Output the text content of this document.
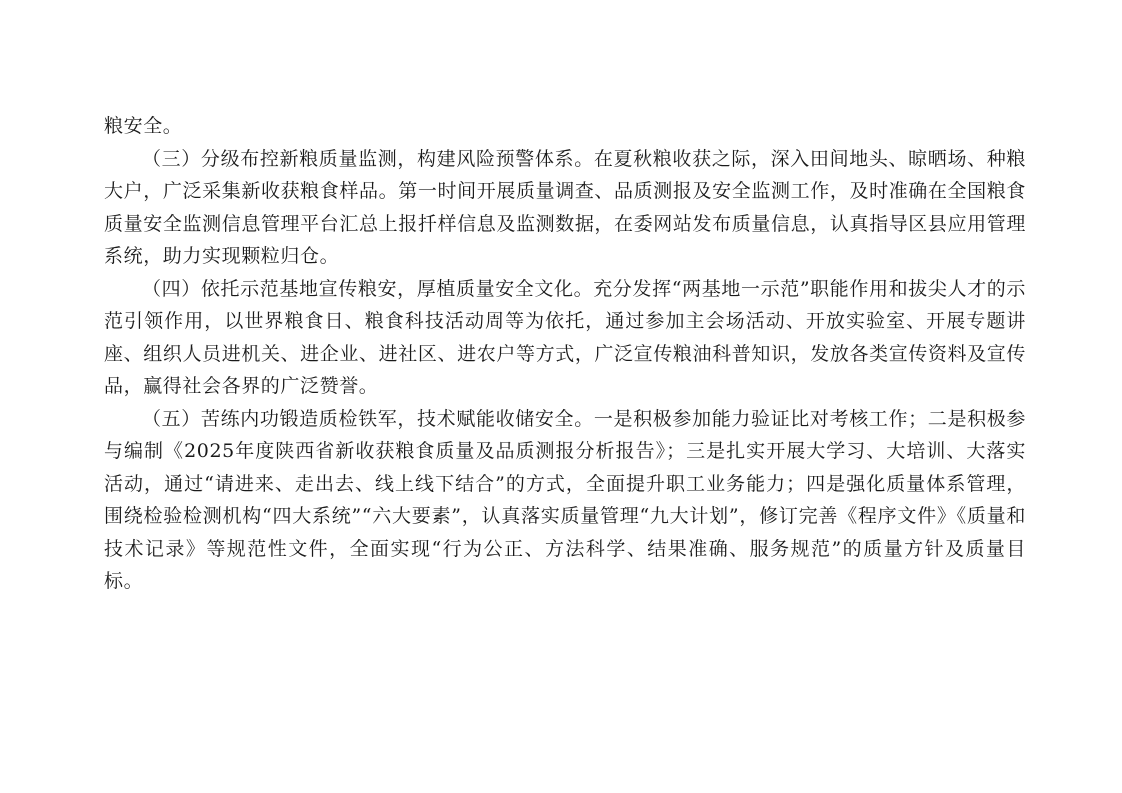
粮安全。

（三）分级布控新粮质量监测，构建风险预警体系。在夏秋粮收获之际，深入田间地头、晾晒场、种粮大户，广泛采集新收获粮食样品。第一时间开展质量调查、品质测报及安全监测工作，及时准确在全国粮食质量安全监测信息管理平台汇总上报扦样信息及监测数据，在委网站发布质量信息，认真指导区县应用管理系统，助力实现颗粒归仓。

（四）依托示范基地宣传粮安，厚植质量安全文化。充分发挥“两基地一示范”职能作用和拔尖人才的示范引领作用，以世界粮食日、粮食科技活动周等为依托，通过参加主会场活动、开放实验室、开展专题讲座、组织人员进机关、进企业、进社区、进农户等方式，广泛宣传粮油科普知识，发放各类宣传资料及宣传品，赢得社会各界的广泛赞誉。

（五）苦练内功锻造质检铁军，技术赋能收储安全。一是积极参加能力验证比对考核工作；二是积极参与编制《2025年度陕西省新收获粮食质量及品质测报分析报告》；三是扎实开展大学习、大培训、大落实活动，通过“请进来、走出去、线上线下结合”的方式，全面提升职工业务能力；四是强化质量体系管理，围绕检验检测机构“四大系统”“六大要素”，认真落实质量管理“九大计划”，修订完善《程序文件》《质量和技术记录》等规范性文件，全面实现“行为公正、方法科学、结果准确、服务规范”的质量方针及质量目标。
